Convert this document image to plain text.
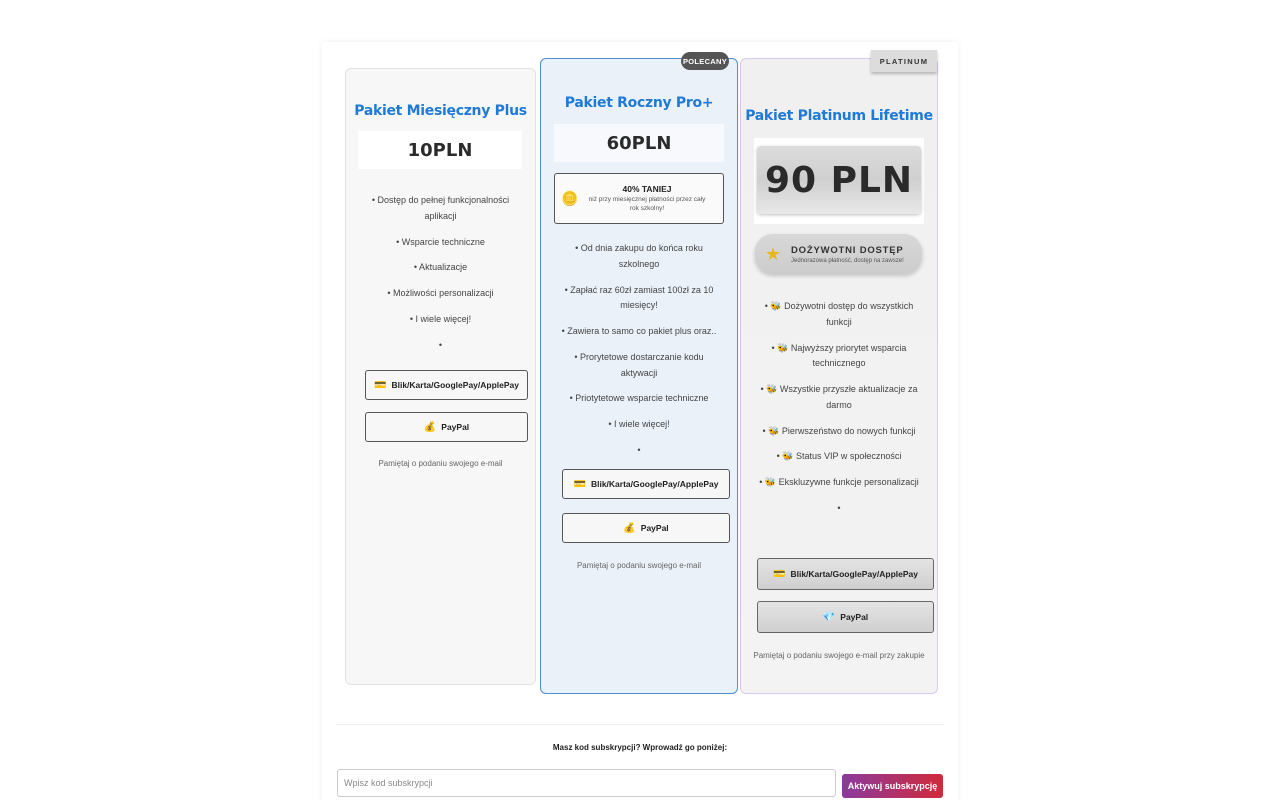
Pakiet Miesięczny Plus
10PLN
• Dostęp do pełnej funkcjonalności aplikacji
• Wsparcie techniczne
• Aktualizacje
• Możliwości personalizacji
• I wiele więcej!
•
💳 Blik/Karta/GooglePay/ApplePay
💰 PayPal
Pamiętaj o podaniu swojego e-mail
Pakiet Roczny Pro+
60PLN
• Od dnia zakupu do końca roku szkolnego
• Zapłać raz 60zł zamiast 100zł za 10 miesięcy!
• Zawiera to samo co pakiet plus oraz..
• Prorytetowe dostarczanie kodu aktywacji
• Priotytetowe wsparcie techniczne
• I wiele więcej!
•
💳 Blik/Karta/GooglePay/ApplePay
💰 PayPal
Pamiętaj o podaniu swojego e-mail
🪙
40% TANIEJ
niż przy miesięcznej płatności przez cały rok szkolny!
POLECANY
Pakiet Platinum Lifetime
• 🐝 Dożywotni dostęp do wszystkich funkcji
• 🐝 Najwyższy priorytet wsparcia technicznego
• 🐝 Wszystkie przyszłe aktualizacje za darmo
• 🐝 Pierwszeństwo do nowych funkcji
• 🐝 Status VIP w społeczności
• 🐝 Ekskluzywne funkcje personalizacji
•
💳 Blik/Karta/GooglePay/ApplePay
💎 PayPal
Pamiętaj o podaniu swojego e-mail przy zakupie
90 PLN
★	DOŻYWOTNI DOSTĘP
Jednorazowa płatność, dostęp na zawsze!
PLATINUM
Masz kod subskrypcji? Wprowadź go poniżej:
Wpisz kod subskrypcji
Aktywuj subskrypcję
